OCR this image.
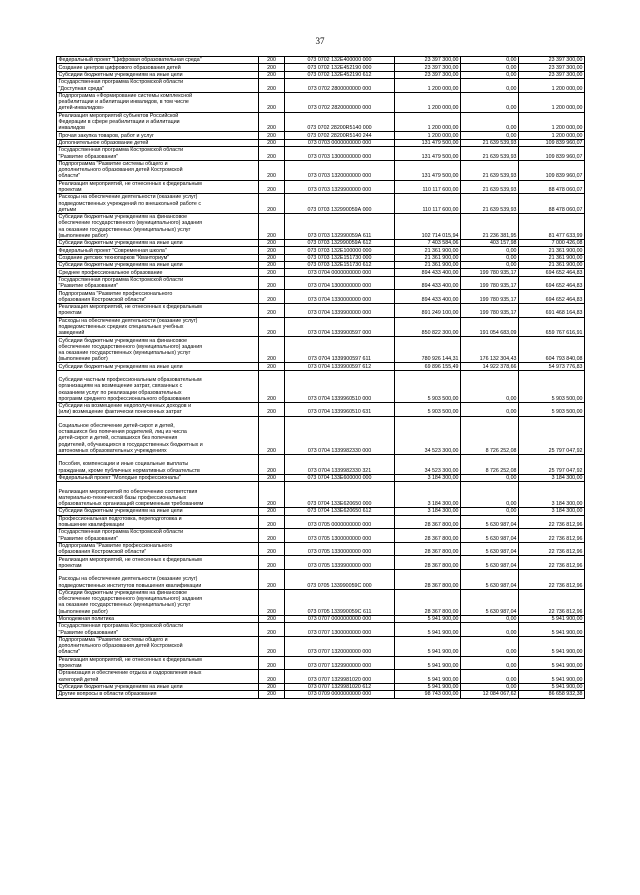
37
Федеральный проект "Цифровая образовательная среда"	200	073 0702 132E400000 000	23 397 300,00	0,00	23 397 300,00
Создание центров цифрового образования детей	200	073 0702 132E452190 000	23 397 300,00	0,00	23 397 300,00
Субсидии бюджетным учреждениям на иные цели	200	073 0702 132E452190 612	23 397 300,00	0,00	23 397 300,00
Государственная программа Костромской области
"Доступная среда"	200	073 0702 2800000000 000	1 200 000,00	0,00	1 200 000,00
Подпрограмма «Формирование системы комплексной
реабилитации и абилитации инвалидов, в том числе
детей-инвалидов»	200	073 0702 2820000000 000	1 200 000,00	0,00	1 200 000,00
Реализация мероприятий субъектов Российской
Федерации в сфере реабилитации и абилитации
инвалидов	200	073 0702 28200R5140 000	1 200 000,00	0,00	1 200 000,00
Прочая закупка товаров, работ и услуг	200	073 0702 28200R5140 244	1 200 000,00	0,00	1 200 000,00
Дополнительное образование детей	200	073 0703 0000000000 000	131 479 500,00	21 639 539,93	109 839 960,07
Государственная программа Костромской области
"Развитие образования"	200	073 0703 1300000000 000	131 479 500,00	21 639 539,93	109 839 960,07
Подпрограмма "Развитие системы общего и
дополнительного образования детей Костромской
области"	200	073 0703 1320000000 000	131 479 500,00	21 639 539,93	109 839 960,07
Реализация мероприятий, не отнесенных к федеральным
проектам	200	073 0703 1329900000 000	110 117 600,00	21 639 539,93	88 478 060,07
Расходы на обеспечение деятельности (оказание услуг)
подведомственных учреждений по внешкольной работе с
детьми	200	073 0703 132990059А 000	110 117 600,00	21 639 539,93	88 478 060,07
Субсидии бюджетным учреждениям на финансовое
обеспечение государственного (муниципального) задания
на оказание государственных (муниципальных) услуг
(выполнение работ)	200	073 0703 132990059А 611	102 714 015,94	21 236 381,95	81 477 633,99
Субсидии бюджетным учреждениям на иные цели	200	073 0703 132990059А 612	7 403 584,06	403 157,98	7 000 426,08
Федеральный проект "Современная школа"	200	073 0703 132E100000 000	21 361 900,00	0,00	21 361 900,00
Создание детских технопарков "Кванториум"	200	073 0703 132E151730 000	21 361 900,00	0,00	21 361 900,00
Субсидии бюджетным учреждениям на иные цели	200	073 0703 132E151730 612	21 361 900,00	0,00	21 361 900,00
Среднее профессиональное образование	200	073 0704 0000000000 000	894 433 400,00	199 780 935,17	694 652 464,83
Государственная программа Костромской области
"Развитие образования"	200	073 0704 1300000000 000	894 433 400,00	199 780 935,17	694 652 464,83
Подпрограмма "Развитие профессионального
образования Костромской области"	200	073 0704 1330000000 000	894 433 400,00	199 780 935,17	694 652 464,83
Реализация мероприятий, не отнесенных к федеральным
проектам	200	073 0704 1339900000 000	891 249 100,00	199 780 935,17	691 468 164,83
Расходы на обеспечение деятельности (оказание услуг)
подведомственных средних специальных учебных
заведений	200	073 0704 1339900597 000	850 822 300,00	191 054 683,09	659 767 616,91
Субсидии бюджетным учреждениям на финансовое
обеспечение государственного (муниципального) задания
на оказание государственных (муниципальных) услуг
(выполнение работ)	200	073 0704 1339900597 611	780 926 144,31	176 132 304,43	604 793 840,08
Субсидии бюджетным учреждениям на иные цели	200	073 0704 1339900597 612	69 896 155,49	14 922 378,66	54 973 776,83

Субсидии частным профессиональным образовательным
организациям на возмещение затрат, связанных с
оказанием услуг по реализации образовательных
программ среднего профессионального образования	200	073 0704 1339960510 000	5 903 500,00	0,00	5 903 500,00
Субсидии на возмещение недополученных доходов и
(или) возмещение фактически понесенных затрат	200	073 0704 1339960510 631	5 903 500,00	0,00	5 903 500,00

Социальное обеспечение детей-сирот и детей,
оставшихся без попечения родителей, лиц из числа
детей-сирот и детей, оставшихся без попечения
родителей, обучающихся в государственных бюджетных и
автономных образовательных учреждениях	200	073 0704 1339982330 000	34 523 300,00	8 726 252,08	25 797 047,92

Пособия, компенсации и иные социальные выплаты
гражданам, кроме публичных нормативных обязательств	200	073 0704 1339982330 321	34 523 300,00	8 726 252,08	25 797 047,92
Федеральный проект "Молодые профессионалы"	200	073 0704 133E600000 000	3 184 300,00	0,00	3 184 300,00

Реализация мероприятий по обеспечению соответствия
материально-технической базы профессиональных
образовательных организаций современным требованиям	200	073 0704 133E620650 000	3 184 300,00	0,00	3 184 300,00
Субсидии бюджетным учреждениям на иные цели	200	073 0704 133E620650 612	3 184 300,00	0,00	3 184 300,00
Профессиональная подготовка, переподготовка и
повышение квалификации	200	073 0705 0000000000 000	28 367 800,00	5 630 987,04	22 736 812,96
Государственная программа Костромской области
"Развитие образования"	200	073 0705 1300000000 000	28 367 800,00	5 630 987,04	22 736 812,96
Подпрограмма "Развитие профессионального
образования Костромской области"	200	073 0705 1330000000 000	28 367 800,00	5 630 987,04	22 736 812,96
Реализация мероприятий, не отнесенных к федеральным
проектам	200	073 0705 1339900000 000	28 367 800,00	5 630 987,04	22 736 812,96

Расходы на обеспечение деятельности (оказание услуг)
подведомственных институтов повышения квалификации	200	073 0705 133990059С 000	28 367 800,00	5 630 987,04	22 736 812,96
Субсидии бюджетным учреждениям на финансовое
обеспечение государственного (муниципального) задания
на оказание государственных (муниципальных) услуг
(выполнение работ)	200	073 0705 133990059С 611	28 367 800,00	5 630 987,04	22 736 812,96
Молодежная политика	200	073 0707 0000000000 000	5 941 900,00	0,00	5 941 900,00
Государственная программа Костромской области
"Развитие образования"	200	073 0707 1300000000 000	5 941 900,00	0,00	5 941 900,00
Подпрограмма "Развитие системы общего и
дополнительного образования детей Костромской
области"	200	073 0707 1320000000 000	5 941 900,00	0,00	5 941 900,00
Реализация мероприятий, не отнесенных к федеральным
проектам	200	073 0707 1329900000 000	5 941 900,00	0,00	5 941 900,00
Организация и обеспечение отдыха и оздоровления иных
категорий детей	200	073 0707 1329981020 000	5 941 900,00	0,00	5 941 900,00
Субсидии бюджетным учреждениям на иные цели	200	073 0707 1329981020 612	5 941 900,00	0,00	5 941 900,00
Другие вопросы в области образования	200	073 0709 0000000000 000	98 743 000,00	12 084 067,62	86 658 932,38
